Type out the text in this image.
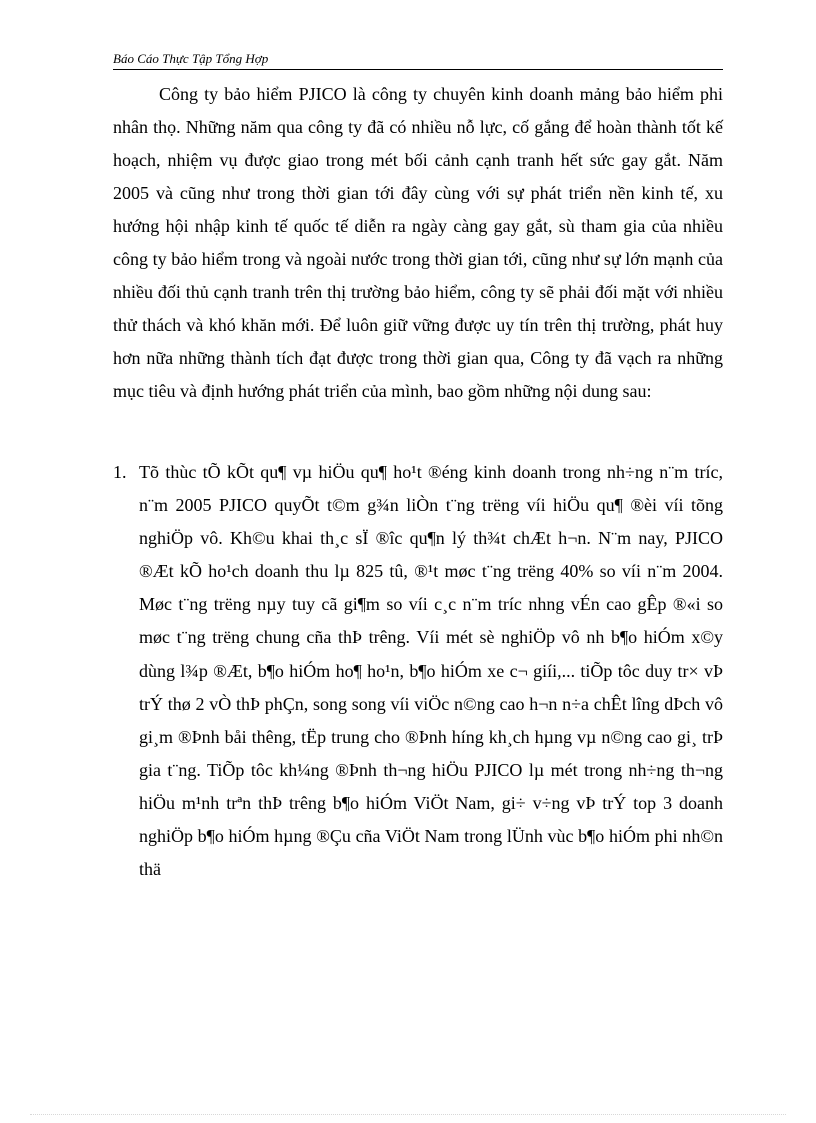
Báo Cáo Thực Tập Tổng Hợp

Công ty bảo hiểm PJICO là công ty chuyên kinh doanh mảng bảo hiểm phi nhân thọ. Những năm qua công ty đã có nhiều nỗ lực, cố gắng để hoàn thành tốt kế hoạch, nhiệm vụ được giao trong mét bối cảnh cạnh tranh hết sức gay gắt. Năm 2005 và cũng như trong thời gian tới đây cùng với sự phát triển nền kinh tế, xu hướng hội nhập kinh tế quốc tế diễn ra ngày càng gay gắt, sù tham gia của nhiều công ty bảo hiểm trong và ngoài nước trong thời gian tới, cũng như sự lớn mạnh của nhiều đối thủ cạnh tranh trên thị trường bảo hiểm, công ty sẽ phải đối mặt với nhiều thử thách và khó khăn mới. Để luôn giữ vững được uy tín trên thị trường, phát huy hơn nữa những thành tích đạt được trong thời gian qua, Công ty đã vạch ra những mục tiêu và định hướng phát triển của mình, bao gồm những nội dung sau:

1. Tõ thùc tÕ kÕt qu¶ vµ hiÖu qu¶ ho¹t ®éng kinh doanh trong nh÷ng n¨m tríc, n¨m 2005 PJICO quyÕt t©m g¾n liÒn t¨ng trëng víi hiÖu qu¶ ®èi víi tõng nghiÖp vô. Kh©u khai th¸c sÏ ®îc qu¶n lý th¾t chÆt h¬n. N¨m nay, PJICO ®Æt kÕ ho¹ch doanh thu lµ 825 tû, ®¹t møc t¨ng trëng 40% so víi n¨m 2004. Møc t¨ng trëng nµy tuy cã gi¶m so víi c¸c n¨m tríc nhng vÉn cao gÊp ®«i so møc t¨ng trëng chung cña thÞ trêng. Víi mét sè nghiÖp vô nh b¶o hiÓm x©y dùng l¾p ®Æt, b¶o hiÓm ho¶ ho¹n, b¶o hiÓm xe c¬ giíi,... tiÕp tôc duy tr× vÞ trÝ thø 2 vÒ thÞ phÇn, song song víi viÖc n©ng cao h¬n n÷a chÊt lîng dÞch vô gi¸m ®Þnh båi thêng, tËp trung cho ®Þnh híng kh¸ch hµng vµ n©ng cao gi¸ trÞ gia t¨ng. TiÕp tôc kh¼ng ®Þnh th¬ng hiÖu PJICO lµ mét trong nh÷ng th¬ng hiÖu m¹nh trªn thÞ trêng b¶o hiÓm ViÖt Nam, gi÷ v÷ng vÞ trÝ top 3 doanh nghiÖp b¶o hiÓm hµng ®Çu cña ViÖt Nam trong lÜnh vùc b¶o hiÓm phi nh©n thä
